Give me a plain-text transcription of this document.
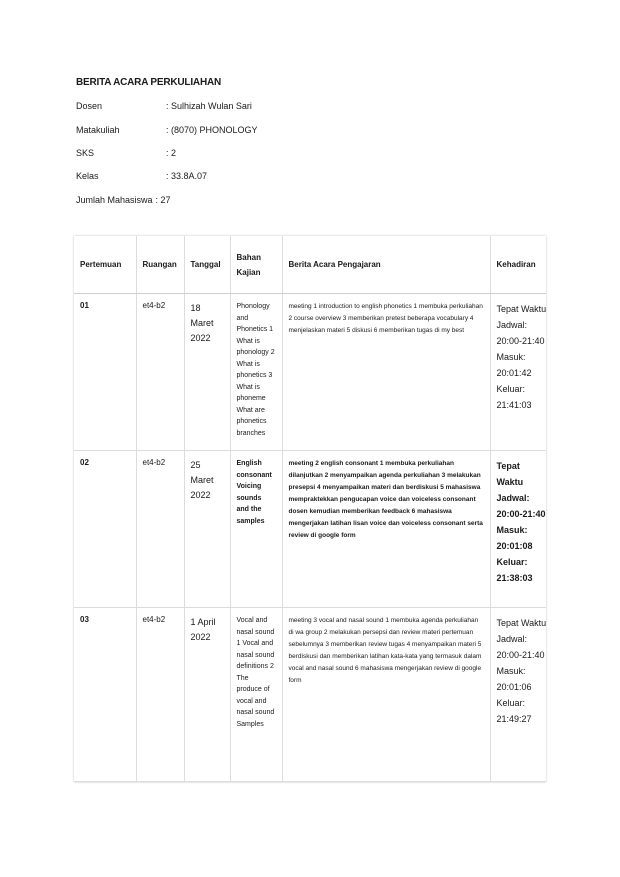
BERITA ACARA PERKULIAHAN
Dosen	: Sulhizah Wulan Sari
Matakuliah	: (8070) PHONOLOGY
SKS	: 2
Kelas	: 33.8A.07
Jumlah Mahasiswa : 27
Pertemuan	Ruangan	Tanggal	Bahan Kajian	Berita Acara Pengajaran	Kehadiran
01	et4-b2	18 Maret 2022	Phonology and Phonetics 1 What is phonology 2 What is phonetics 3 What is phoneme What are phonetics branches	meeting 1 introduction to english phonetics 1 membuka perkuliahan 2 course overview 3 memberikan pretest beberapa vocabulary 4 menjelaskan materi 5 diskusi 6 memberikan tugas di my best	Tepat Waktu Jadwal: 20:00-21:40 Masuk: 20:01:42 Keluar: 21:41:03
02	et4-b2	25 Maret 2022	English consonant Voicing sounds and the samples	meeting 2 english consonant 1 membuka perkuliahan dilanjutkan 2 menyampaikan agenda perkuliahan 3 melakukan presepsi 4 menyampaikan materi dan berdiskusi 5 mahasiswa mempraktekkan pengucapan voice dan voiceless consonant dosen kemudian memberikan feedback 6 mahasiswa mengerjakan latihan lisan voice dan voiceless consonant serta review di google form	Tepat Waktu Jadwal: 20:00-21:40 Masuk: 20:01:08 Keluar: 21:38:03
03	et4-b2	1 April 2022	Vocal and nasal sound 1 Vocal and nasal sound definitions 2 The produce of vocal and nasal sound Samples	meeting 3 vocal and nasal sound 1 membuka agenda perkuliahan di wa group 2 melakukan persepsi dan review materi pertemuan sebelumnya 3 memberikan review tugas 4 menyampaikan materi 5 berdiskusi dan memberikan latihan kata-kata yang termasuk dalam vocal and nasal sound 6 mahasiswa mengerjakan review di google form	Tepat Waktu Jadwal: 20:00-21:40 Masuk: 20:01:06 Keluar: 21:49:27
